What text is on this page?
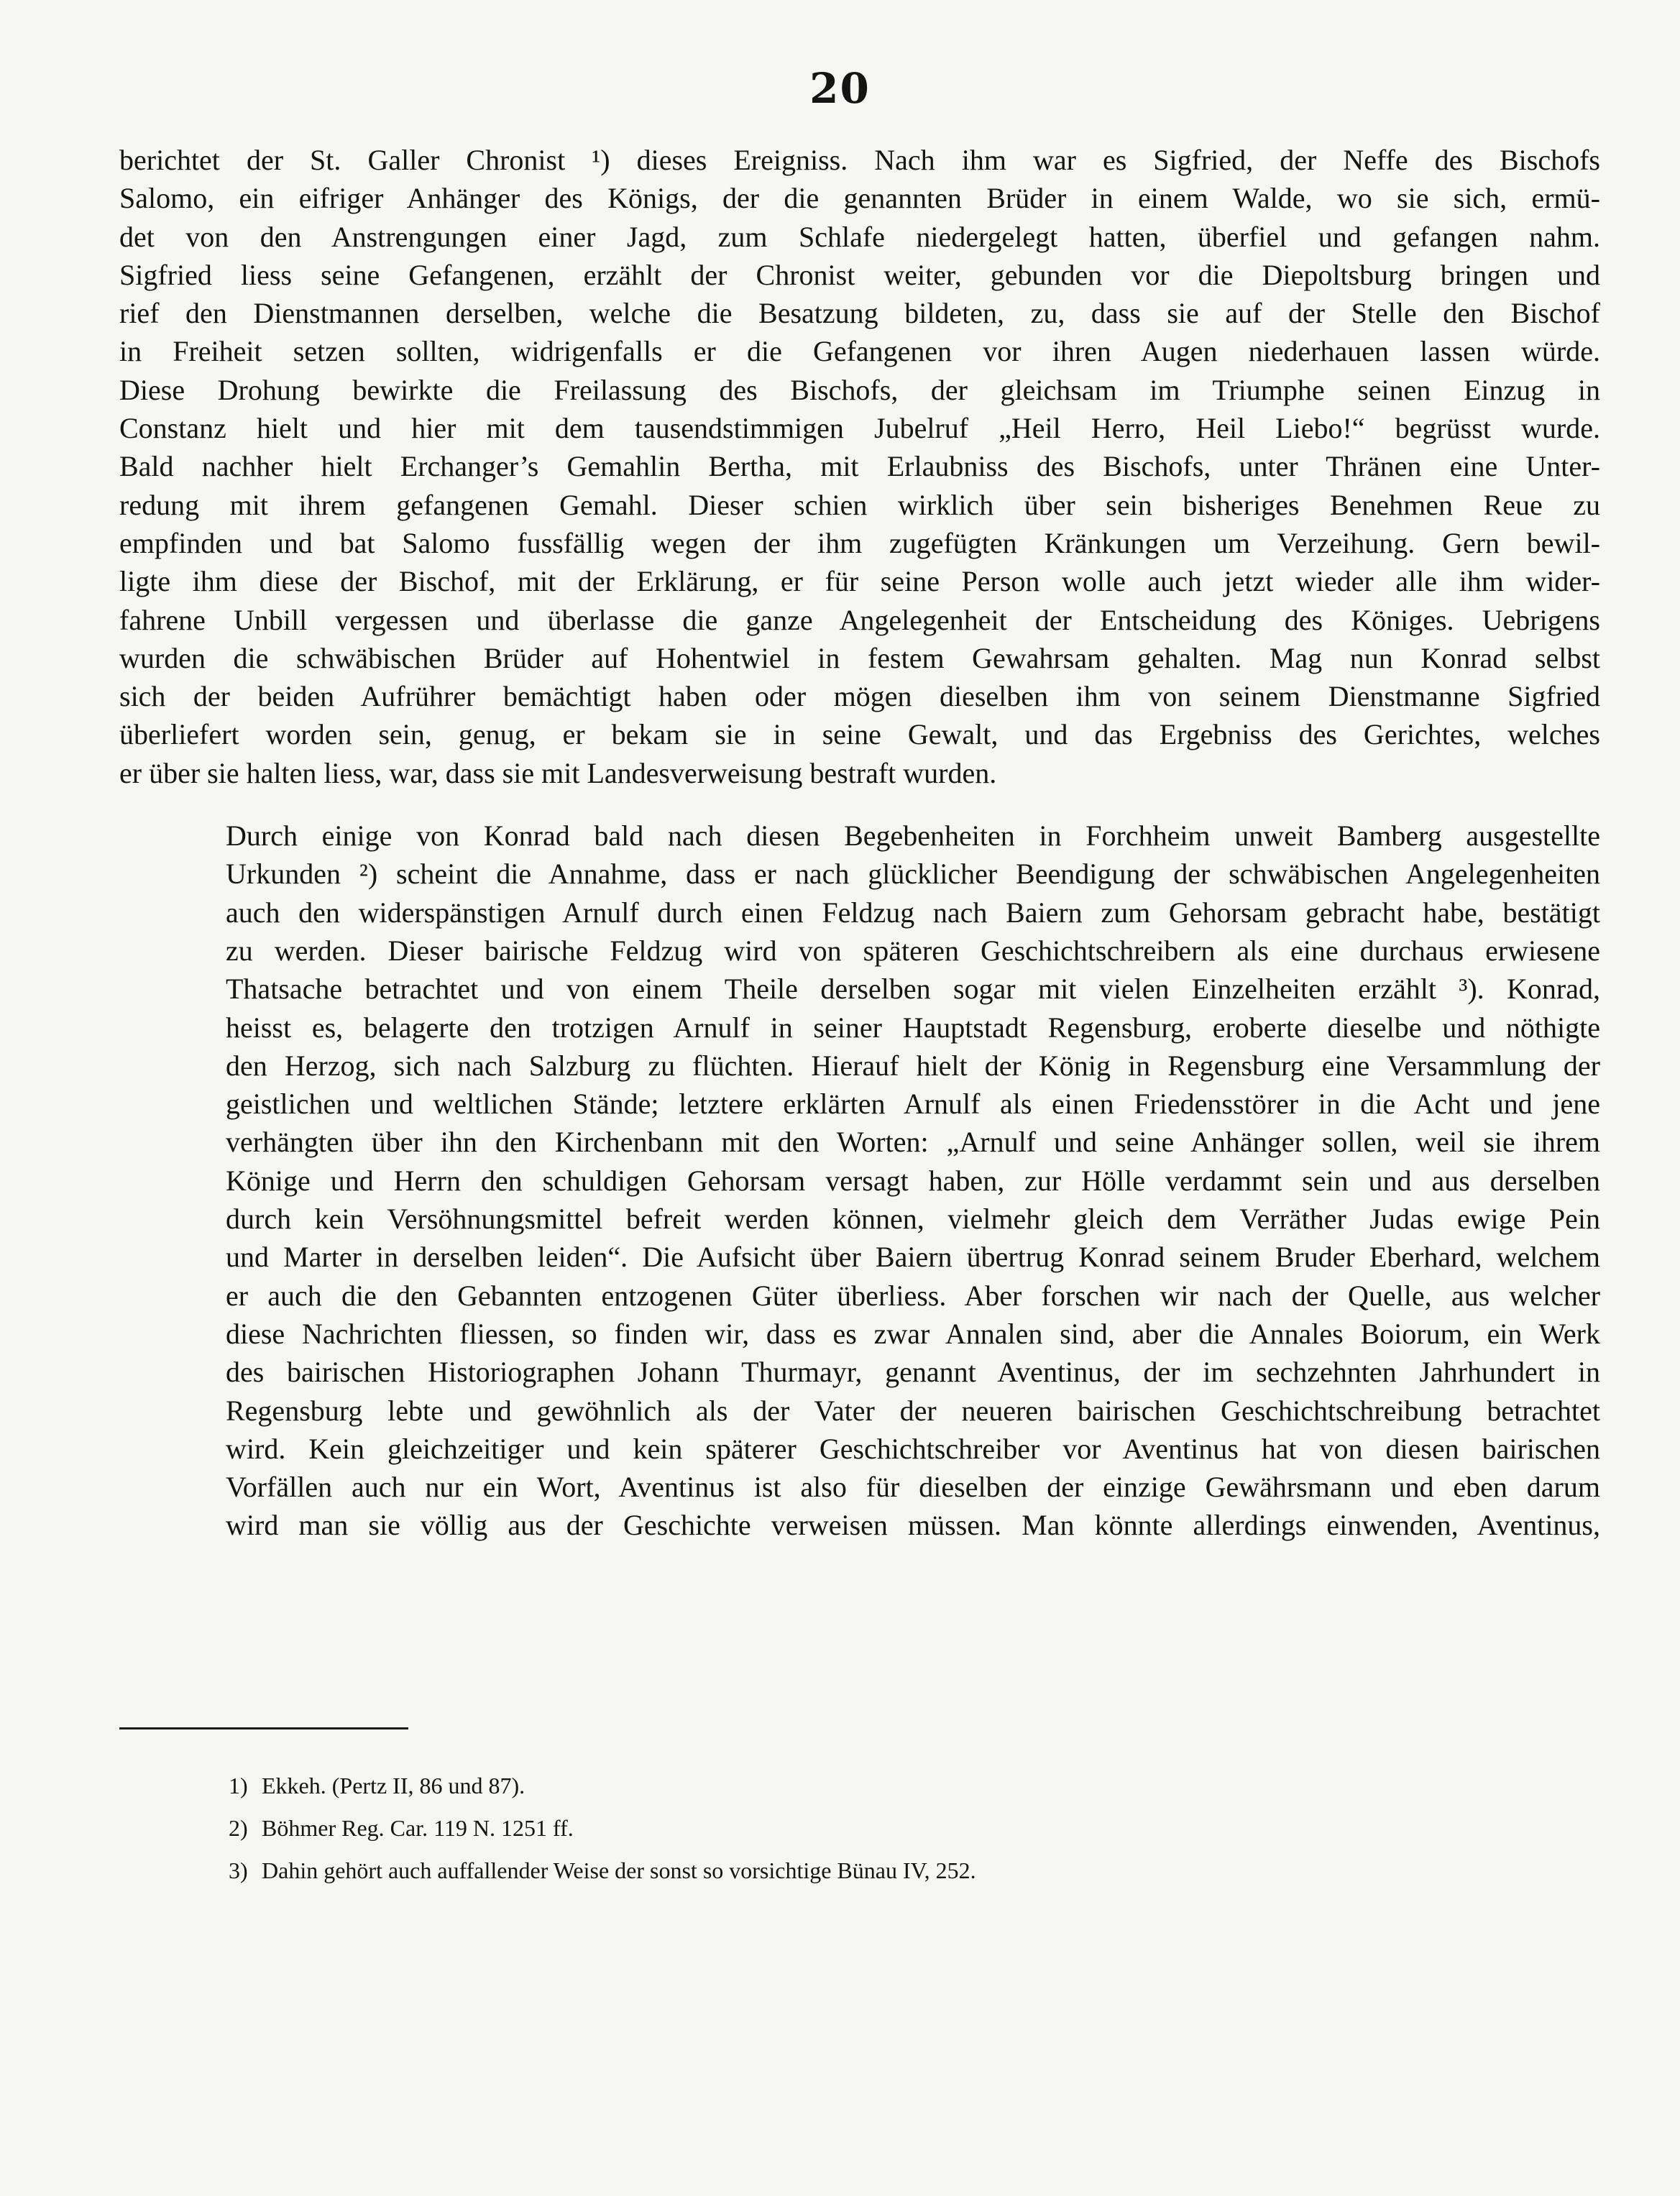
20

berichtet der St. Galler Chronist ¹) dieses Ereigniss. Nach ihm war es Sigfried, der Neffe des Bischofs
Salomo, ein eifriger Anhänger des Königs, der die genannten Brüder in einem Walde, wo sie sich, ermü-
det von den Anstrengungen einer Jagd, zum Schlafe niedergelegt hatten, überfiel und gefangen nahm.
Sigfried liess seine Gefangenen, erzählt der Chronist weiter, gebunden vor die Diepoltsburg bringen und
rief den Dienstmannen derselben, welche die Besatzung bildeten, zu, dass sie auf der Stelle den Bischof
in Freiheit setzen sollten, widrigenfalls er die Gefangenen vor ihren Augen niederhauen lassen würde.
Diese Drohung bewirkte die Freilassung des Bischofs, der gleichsam im Triumphe seinen Einzug in
Constanz hielt und hier mit dem tausendstimmigen Jubelruf „Heil Herro, Heil Liebo!“ begrüsst wurde.
Bald nachher hielt Erchanger’s Gemahlin Bertha, mit Erlaubniss des Bischofs, unter Thränen eine Unter-
redung mit ihrem gefangenen Gemahl. Dieser schien wirklich über sein bisheriges Benehmen Reue zu
empfinden und bat Salomo fussfällig wegen der ihm zugefügten Kränkungen um Verzeihung. Gern bewil-
ligte ihm diese der Bischof, mit der Erklärung, er für seine Person wolle auch jetzt wieder alle ihm wider-
fahrene Unbill vergessen und überlasse die ganze Angelegenheit der Entscheidung des Königes. Uebrigens
wurden die schwäbischen Brüder auf Hohentwiel in festem Gewahrsam gehalten. Mag nun Konrad selbst
sich der beiden Aufrührer bemächtigt haben oder mögen dieselben ihm von seinem Dienstmanne Sigfried
überliefert worden sein, genug, er bekam sie in seine Gewalt, und das Ergebniss des Gerichtes, welches
er über sie halten liess, war, dass sie mit Landesverweisung bestraft wurden.

Durch einige von Konrad bald nach diesen Begebenheiten in Forchheim unweit Bamberg ausgestellte
Urkunden ²) scheint die Annahme, dass er nach glücklicher Beendigung der schwäbischen Angelegenheiten
auch den widerspänstigen Arnulf durch einen Feldzug nach Baiern zum Gehorsam gebracht habe, bestätigt
zu werden. Dieser bairische Feldzug wird von späteren Geschichtschreibern als eine durchaus erwiesene
Thatsache betrachtet und von einem Theile derselben sogar mit vielen Einzelheiten erzählt ³). Konrad,
heisst es, belagerte den trotzigen Arnulf in seiner Hauptstadt Regensburg, eroberte dieselbe und nöthigte
den Herzog, sich nach Salzburg zu flüchten. Hierauf hielt der König in Regensburg eine Versammlung der
geistlichen und weltlichen Stände; letztere erklärten Arnulf als einen Friedensstörer in die Acht und jene
verhängten über ihn den Kirchenbann mit den Worten: „Arnulf und seine Anhänger sollen, weil sie ihrem
Könige und Herrn den schuldigen Gehorsam versagt haben, zur Hölle verdammt sein und aus derselben
durch kein Versöhnungsmittel befreit werden können, vielmehr gleich dem Verräther Judas ewige Pein
und Marter in derselben leiden“. Die Aufsicht über Baiern übertrug Konrad seinem Bruder Eberhard, welchem
er auch die den Gebannten entzogenen Güter überliess. Aber forschen wir nach der Quelle, aus welcher
diese Nachrichten fliessen, so finden wir, dass es zwar Annalen sind, aber die Annales Boiorum, ein Werk
des bairischen Historiographen Johann Thurmayr, genannt Aventinus, der im sechzehnten Jahrhundert in
Regensburg lebte und gewöhnlich als der Vater der neueren bairischen Geschichtschreibung betrachtet
wird. Kein gleichzeitiger und kein späterer Geschichtschreiber vor Aventinus hat von diesen bairischen
Vorfällen auch nur ein Wort, Aventinus ist also für dieselben der einzige Gewährsmann und eben darum
wird man sie völlig aus der Geschichte verweisen müssen. Man könnte allerdings einwenden, Aventinus,

1) Ekkeh. (Pertz II, 86 und 87).
2) Böhmer Reg. Car. 119 N. 1251 ff.
3) Dahin gehört auch auffallender Weise der sonst so vorsichtige Bünau IV, 252.
